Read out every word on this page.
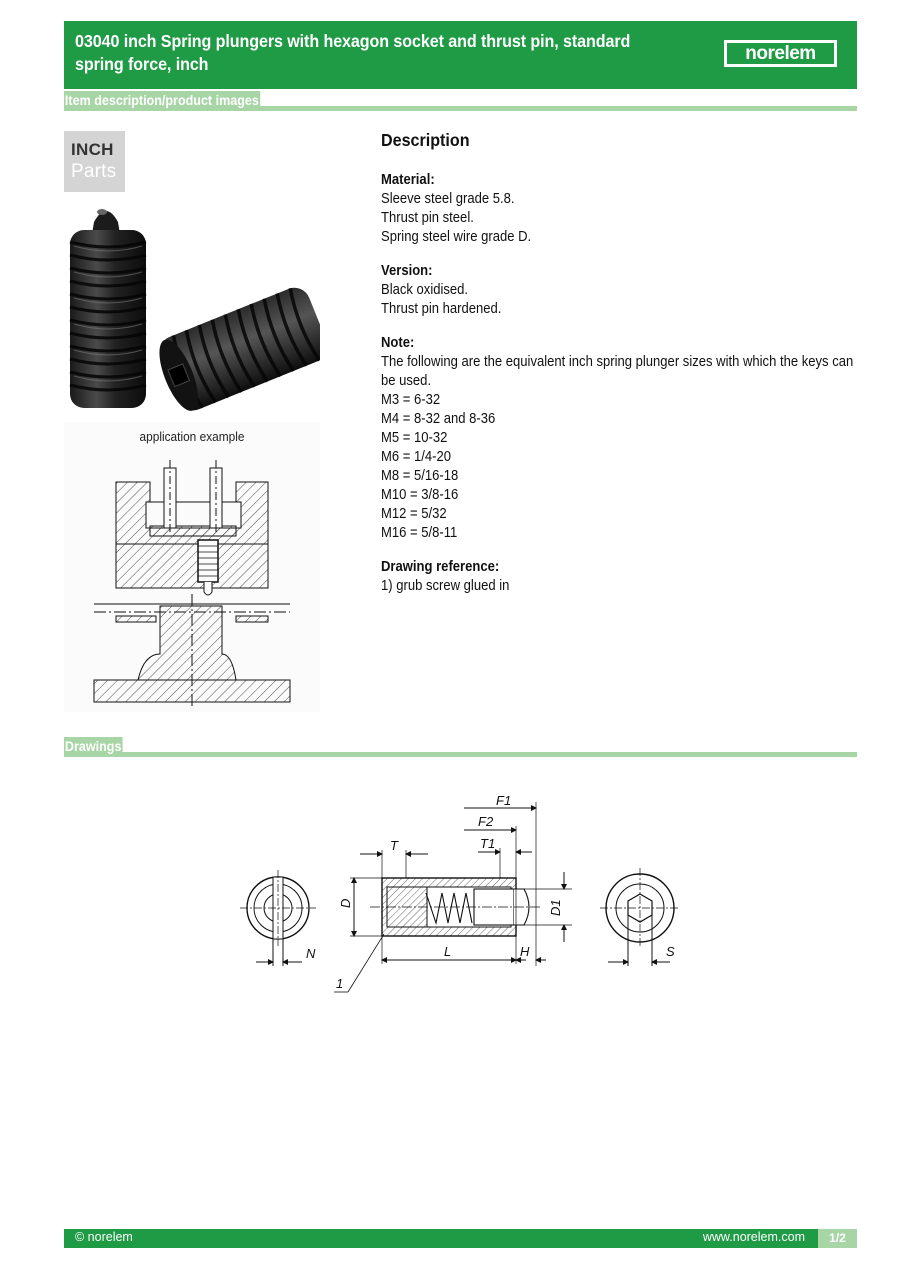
03040 inch Spring plungers with hexagon socket and thrust pin, standard spring force, inch	norelem
Item description/product images
INCH
Parts
application example
Description
Material:
Sleeve steel grade 5.8.
Thrust pin steel.
Spring steel wire grade D.
Version:
Black oxidised.
Thrust pin hardened.
Note:
The following are the equivalent inch spring plunger sizes with which the keys can
be used.
M3 = 6-32
M4 = 8-32 and 8-36
M5 = 10-32
M6 = 1/4-20
M8 = 5/16-18
M10 = 3/8-16
M12 = 5/32
M16 = 5/8-11
Drawing reference:
1) grub screw glued in
Drawings
F1
F2
T	T1
D	D1
N	L	H	S
1
© norelem	www.norelem.com	1/2
